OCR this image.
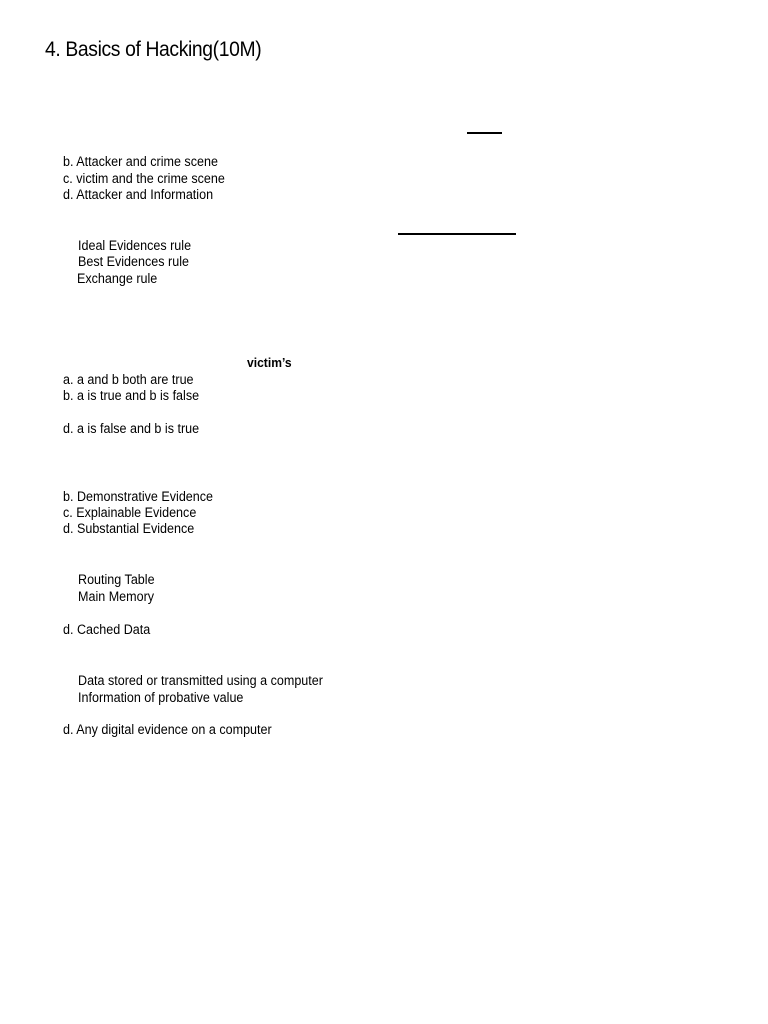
4. Basics of Hacking(10M)
b. Attacker and crime scene
c. victim and the crime scene
d. Attacker and Information
Ideal Evidences rule
Best Evidences rule
Exchange rule
victim’s
a. a and b both are true
b. a is true and b is false
d. a is false and b is true
b. Demonstrative Evidence
c. Explainable Evidence
d. Substantial Evidence
Routing Table
Main Memory
d. Cached Data
Data stored or transmitted using a computer
Information of probative value
d. Any digital evidence on a computer
